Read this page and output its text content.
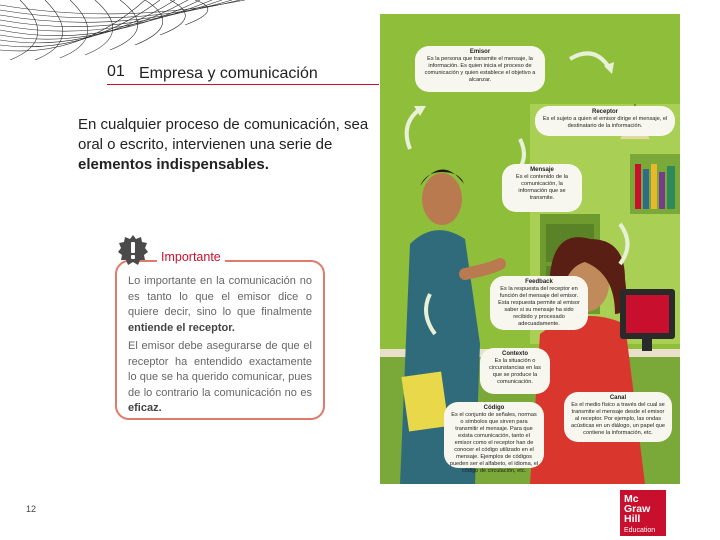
01 Empresa y comunicación

En cualquier proceso de comunicación, sea oral o escrito, intervienen una serie de elementos indispensables.

Importante

Lo importante en la comunicación no es tanto lo que el emisor dice o quiere decir, sino lo que finalmente entiende el receptor.

El emisor debe asegurarse de que el receptor ha entendido exactamente lo que se ha querido comunicar, pues de lo contrario la comunicación no es eficaz.

12
Emisor
Es la persona que transmite el mensaje, la información. Es quien inicia el proceso de comunicación y quien establece el objetivo a alcanzar.
Receptor
Es el sujeto a quien el emisor dirige el mensaje, el destinatario de la información.
Mensaje
Es el contenido de la comunicación, la información que se transmite.
Feedback
Es la respuesta del receptor en función del mensaje del emisor. Esta respuesta permite al emisor saber si su mensaje ha sido recibido y procesado adecuadamente.
Contexto
Es la situación o circunstancias en las que se produce la comunicación.
Código
Es el conjunto de señales, normas o símbolos que sirven para transmitir el mensaje. Para que exista comunicación, tanto el emisor como el receptor han de conocer el código utilizado en el mensaje. Ejemplos de códigos pueden ser el alfabeto, el idioma, el código de circulación, etc.
Canal
Es el medio físico a través del cual se transmite el mensaje desde el emisor al receptor. Por ejemplo, las ondas acústicas en un diálogo, un papel que contiene la información, etc.
Mc
Graw
Hill
Education
